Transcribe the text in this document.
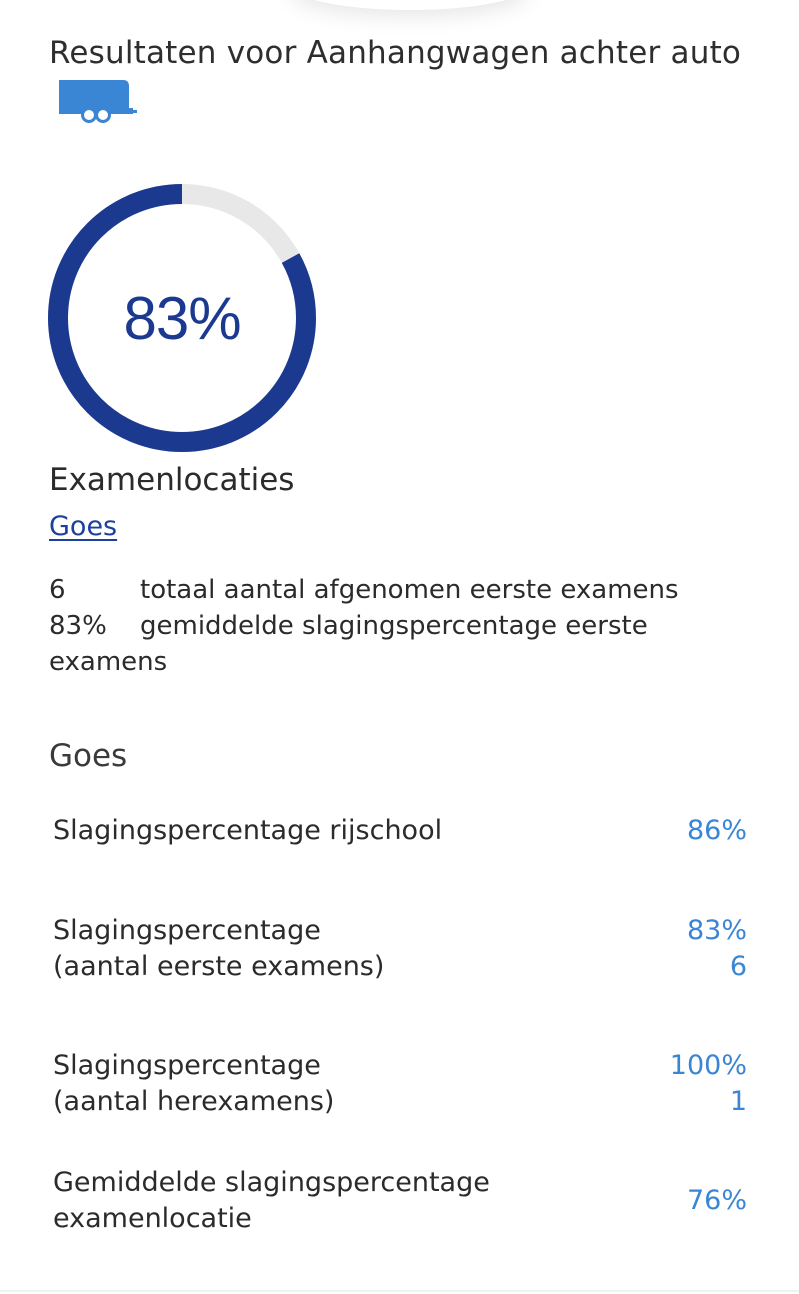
Resultaten voor Aanhangwagen achter auto
83%
Examenlocaties
Goes
6	totaal aantal afgenomen eerste examens
83% gemiddelde slagingspercentage eerste examens
Goes
Slagingspercentage rijschool	86%
Slagingspercentage
(aantal eerste examens)
83%
6
Slagingspercentage
(aantal herexamens)
100%
1
Gemiddelde slagingspercentage
examenlocatie
76%
